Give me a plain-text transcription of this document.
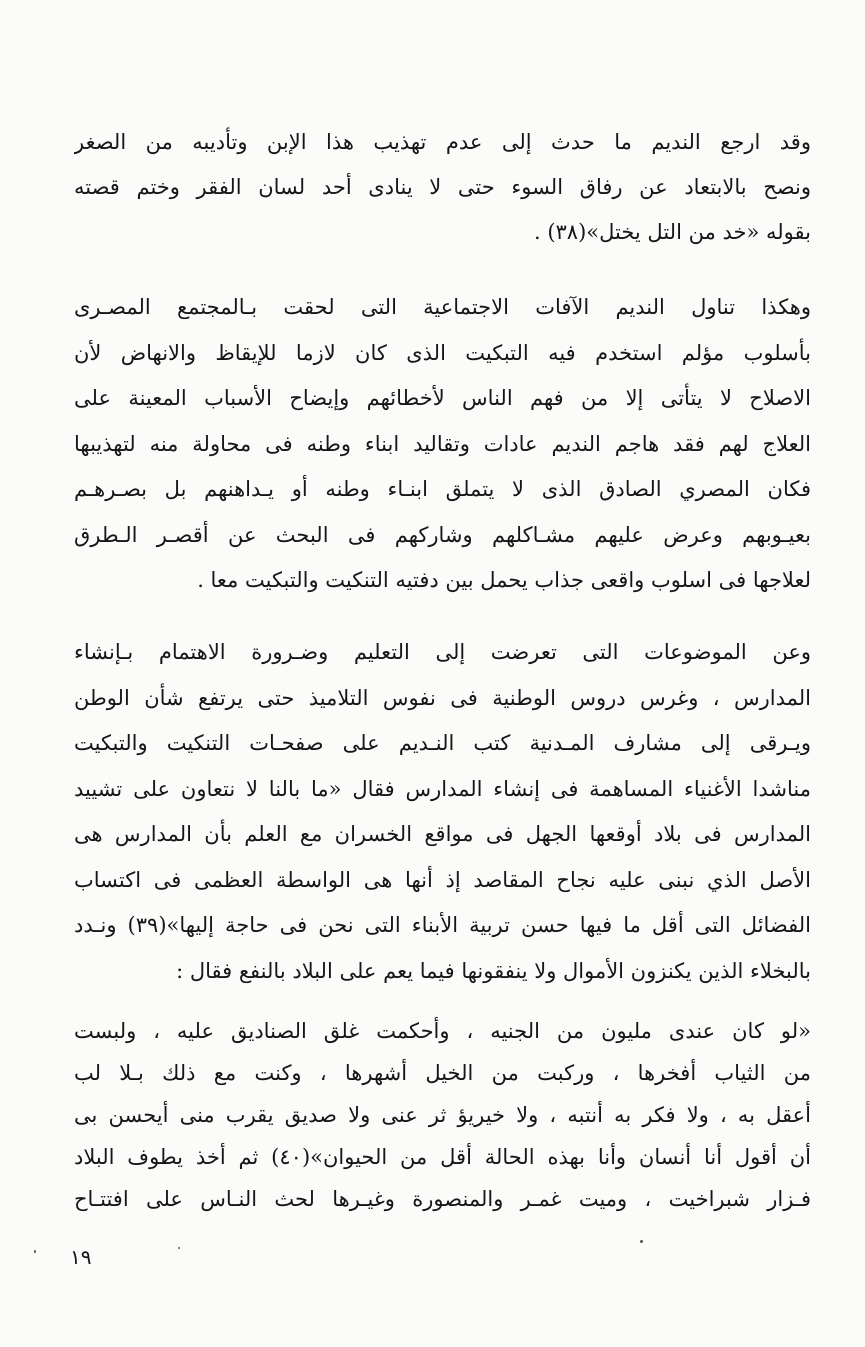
وقد ارجع النديم ما حدث إلى عدم تهذيب هذا الإبن وتأديبه من الصغر
ونصح بالابتعاد عن رفاق السوء حتى لا ينادى أحد لسان الفقر وختم قصته
بقوله «خد من التل يختل»(٣٨) .
وهكذا تناول النديم الآفات الاجتماعية التى لحقت بـالمجتمع المصـرى
بأسلوب مؤلم استخدم فيه التبكيت الذى كان لازما للإيقاظ والانهاض لأن
الاصلاح لا يتأتى إلا من فهم الناس لأخطائهم وإيضاح الأسباب المعينة على
العلاج لهم فقد هاجم النديم عادات وتقاليد ابناء وطنه فى محاولة منه لتهذيبها
فكان المصري الصادق الذى لا يتملق ابنـاء وطنه أو يـداهنهم بل بصـرهـم
بعيـوبهم وعرض عليهم مشـاكلهم وشاركهم فى البحث عن أقصـر الـطرق
لعلاجها فى اسلوب واقعى جذاب يحمل بين دفتيه التنكيت والتبكيت معا .
وعن الموضوعات التى تعرضت إلى التعليم وضـرورة الاهتمام بـإنشاء
المدارس ، وغرس دروس الوطنية فى نفوس التلاميذ حتى يرتفع شأن الوطن
ويـرقى إلى مشارف المـدنية كتب النـديم على صفحـات التنكيت والتبكيت
مناشدا الأغنياء المساهمة فى إنشاء المدارس فقال «ما بالنا لا نتعاون على تشييد
المدارس فى بلاد أوقعها الجهل فى مواقع الخسران مع العلم بأن المدارس هى
الأصل الذي نبنى عليه نجاح المقاصد إذ أنها هى الواسطة العظمى فى اكتساب
الفضائل التى أقل ما فيها حسن تربية الأبناء التى نحن فى حاجة إليها»(٣٩) ونـدد
بالبخلاء الذين يكنزون الأموال ولا ينفقونها فيما يعم على البلاد بالنفع فقال :
«لو كان عندى مليون من الجنيه ، وأحكمت غلق الصناديق عليه ، ولبست
من الثياب أفخرها ، وركبت من الخيل أشهرها ، وكنت مع ذلك بـلا لب
أعقل به ، ولا فكر به أنتبه ، ولا خيريؤ ثر عنى ولا صديق يقرب منى أيحسن بى
أن أقول أنا أنسان وأنا بهذه الحالة أقل من الحيوان»(٤٠) ثم أخذ يطوف البلاد
فـزار شبراخيت ، وميت غمـر والمنصورة وغيـرها لحث النـاس على افتتـاح
١٩
